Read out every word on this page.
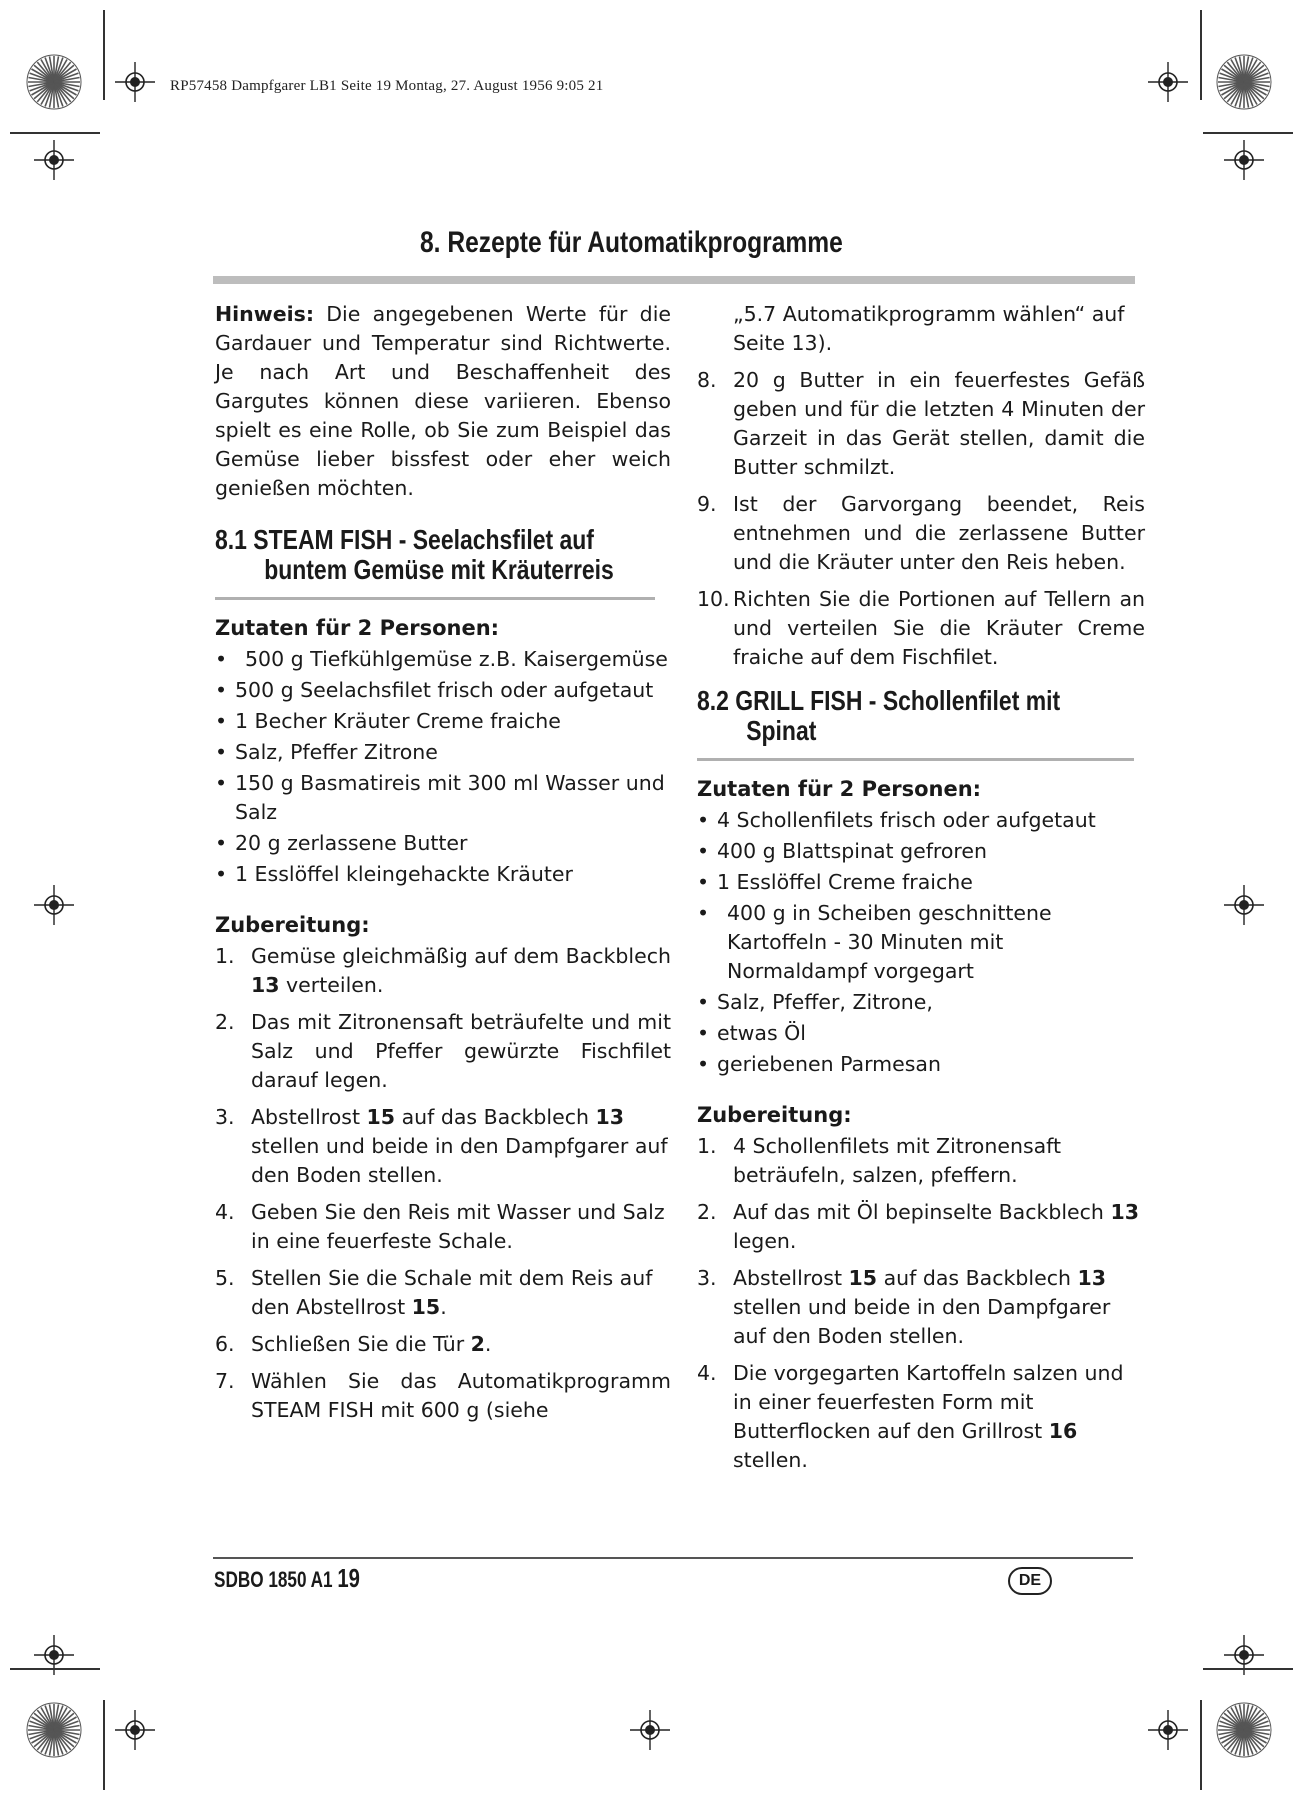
RP57458 Dampfgarer LB1 Seite 19 Montag, 27. August 1956 9:05 21
8. Rezepte für Automatikprogramme

Hinweis: Die angegebenen Werte für die Gardauer und Temperatur sind Richtwerte. Je nach Art und Beschaffenheit des Gargutes können diese variieren. Ebenso spielt es eine Rolle, ob Sie zum Beispiel das Gemüse lieber bissfest oder eher weich genießen möchten.

8.1 STEAM FISH - Seelachsfilet auf
buntem Gemüse mit Kräuterreis

Zutaten für 2 Personen:

• 500 g Tiefkühlgemüse z.B. Kaisergemüse
• 500 g Seelachsfilet frisch oder aufgetaut
• 1 Becher Kräuter Creme fraiche
• Salz, Pfeffer Zitrone
• 150 g Basmatireis mit 300 ml Wasser und Salz
• 20 g zerlassene Butter
• 1 Esslöffel kleingehackte Kräuter

Zubereitung:

1. Gemüse gleichmäßig auf dem Backblech 13 verteilen.
2. Das mit Zitronensaft beträufelte und mit Salz und Pfeffer gewürzte Fischfilet darauf legen.
3. Abstellrost 15 auf das Backblech 13 stellen und beide in den Dampfgarer auf den Boden stellen.
4. Geben Sie den Reis mit Wasser und Salz in eine feuerfeste Schale.
5. Stellen Sie die Schale mit dem Reis auf den Abstellrost 15.
6. Schließen Sie die Tür 2.
7. Wählen Sie das Automatikprogramm STEAM FISH mit 600 g (siehe
„5.7 Automatikprogramm wählen“ auf Seite 13).
8. 20 g Butter in ein feuerfestes Gefäß geben und für die letzten 4 Minuten der Garzeit in das Gerät stellen, damit die Butter schmilzt.
9. Ist der Garvorgang beendet, Reis entnehmen und die zerlassene Butter und die Kräuter unter den Reis heben.
10. Richten Sie die Portionen auf Tellern an und verteilen Sie die Kräuter Creme fraiche auf dem Fischfilet.
8.2 GRILL FISH - Schollenfilet mit
Spinat

Zutaten für 2 Personen:

• 4 Schollenfilets frisch oder aufgetaut
• 400 g Blattspinat gefroren
• 1 Esslöffel Creme fraiche
• 400 g in Scheiben geschnittene Kartoffeln - 30 Minuten mit Normaldampf vorgegart
• Salz, Pfeffer, Zitrone,
• etwas Öl
• geriebenen Parmesan

Zubereitung:

1. 4 Schollenfilets mit Zitronensaft beträufeln, salzen, pfeffern.
2. Auf das mit Öl bepinselte Backblech 13 legen.
3. Abstellrost 15 auf das Backblech 13 stellen und beide in den Dampfgarer auf den Boden stellen.
4. Die vorgegarten Kartoffeln salzen und in einer feuerfesten Form mit Butterflocken auf den Grillrost 16 stellen.
SDBO 1850 A1 19	DE
